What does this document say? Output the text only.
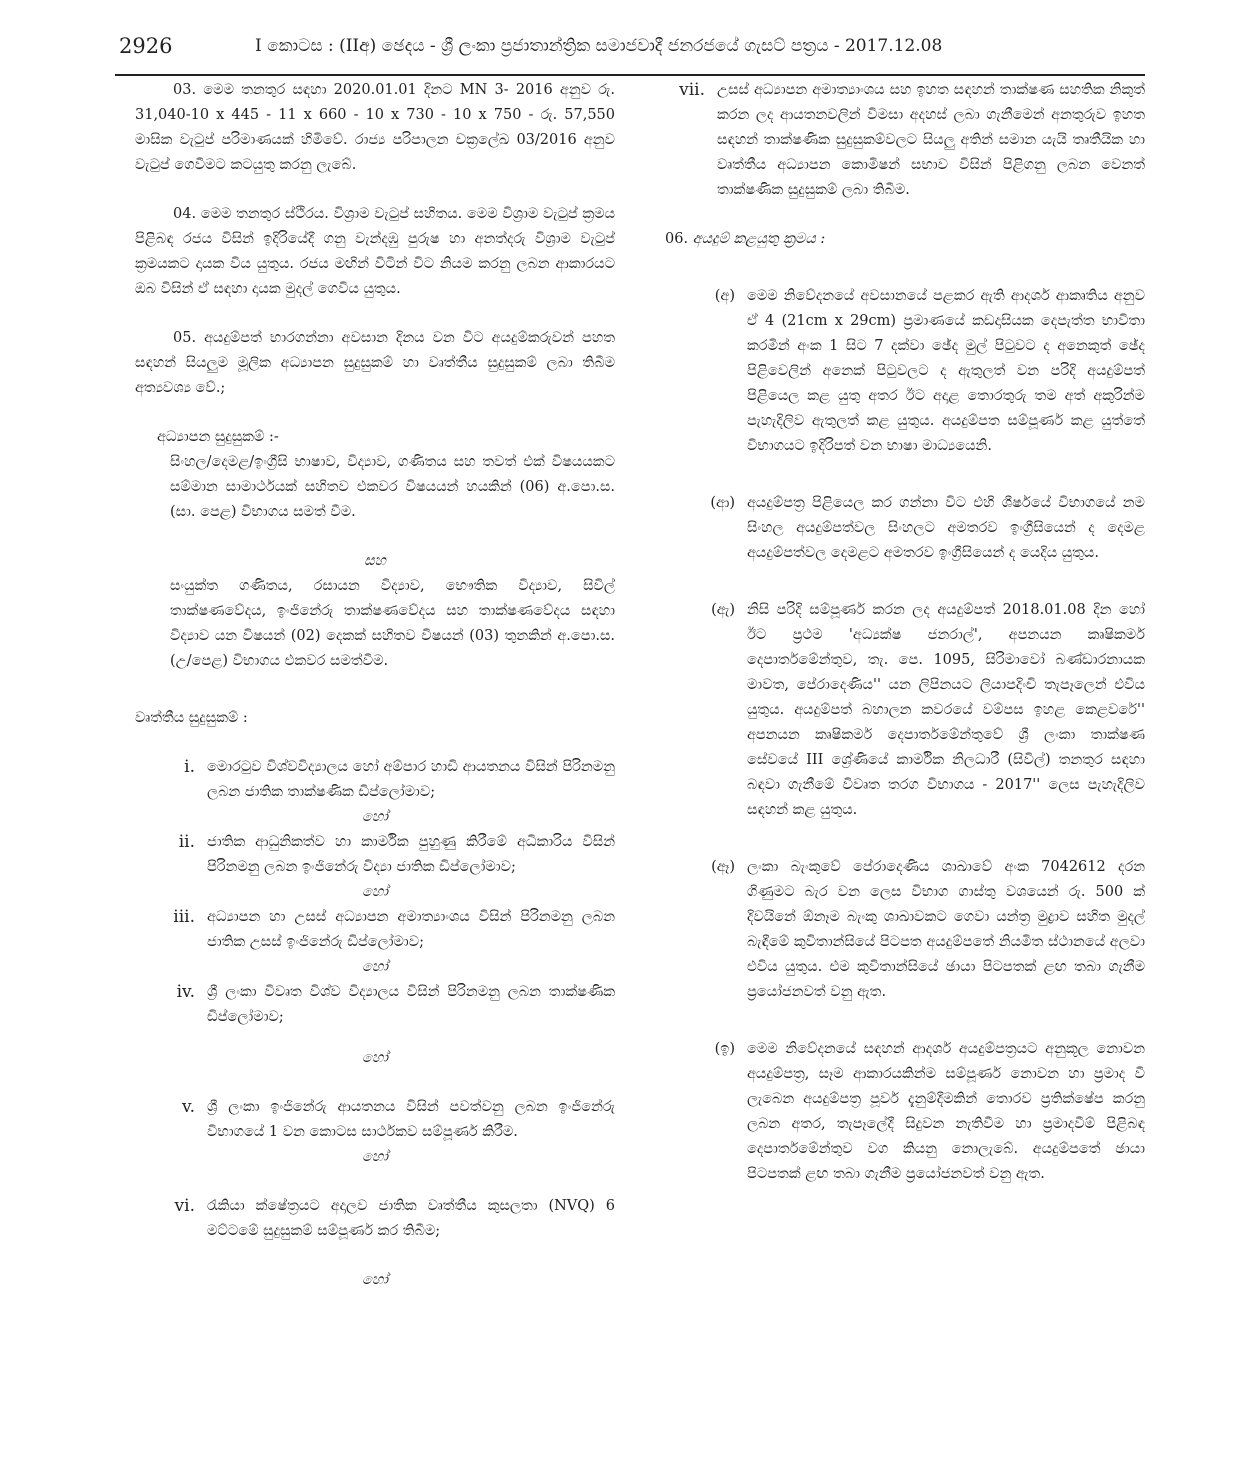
2926	I කොටස : (IIඅ) ඡෙදය - ශ්‍රී ලංකා ප්‍රජාතාන්ත්‍රික සමාජවාදී ජනරජයේ ගැසට් පත්‍රය - 2017.12.08

03. මෙම තනතුර සඳහා 2020.01.01 දිනට MN 3- 2016 අනුව රු. 31,040-10 x 445 - 11 x 660 - 10 x 730 - 10 x 750 - රු. 57,550 මාසික වැටුප් පරිමාණයක් හිමිවේ. රාජ්‍ය පරිපාලන චක්‍රලේඛ 03/2016 අනුව වැටුප් ගෙවීමට කටයුතු කරනු ලැබේ.

04. මෙම තනතුර ස්ථිරය. විශ්‍රාම වැටුප් සහිතය. මෙම විශ්‍රාම වැටුප් ක්‍රමය පිළිබඳ රජය විසින් ඉදිරියේදී ගනු වැන්දඹු පුරුෂ හා අනත්දරු විශ්‍රාම වැටුප් ක්‍රමයකට දායක විය යුතුය. රජය මඟින් විටින් විට නියම කරනු ලබන ආකාරයට ඔබ විසින් ඒ සඳහා දායක මුදල් ගෙවිය යුතුය.

05. අයදුම්පත් භාරගන්නා අවසාන දිනය වන විට අයදුම්කරුවන් පහත සඳහන් සියලුම මූලික අධ්‍යාපන සුදුසුකම් හා වෘත්තීය සුදුසුකම් ලබා තිබීම අත්‍යවශ්‍ය වේ.;

අධ්‍යාපන සුදුසුකම් :-

සිංහල/දෙමළ/ඉංග්‍රීසි භාෂාව, විද්‍යාව, ගණිතය සහ තවත් එක් විෂයයකට සම්මාන සාමාර්ථයක් සහිතව එකවර විෂයයන් හයකින් (06) අ.පො.ස. (සා. පෙළ) විභාගය සමත් වීම.

සහ

සංයුක්ත ගණිතය, රසායන විද්‍යාව, භෞතික විද්‍යාව, සිවිල් තාක්ෂණවේදය, ඉංජිනේරු තාක්ෂණවේදය සහ තාක්ෂණවේදය සඳහා විද්‍යාව යන විෂයන් (02) දෙකක් සහිතව විෂයන් (03) තුනකින් අ.පො.ස. (උ/පෙළ) විභාගය එකවර සමත්වීම.

වෘත්තීය සුදුසුකම් :

i. මොරටුව විශ්වවිද්‍යාලය හෝ අම්පාර හාඩි ආයතනය විසින් පිරිනමනු ලබන ජාතික තාක්ෂණික ඩිප්ලෝමාව;

හෝ

ii. ජාතික ආධුනිකත්ව හා කාර්මික පුහුණු කිරීමේ අධිකාරිය විසින් පිරිනමනු ලබන ඉංජිනේරු විද්‍යා ජාතික ඩිප්ලෝමාව;

හෝ

iii. අධ්‍යාපන හා උසස් අධ්‍යාපන අමාත්‍යාංශය විසින් පිරිනමනු ලබන ජාතික උසස් ඉංජිනේරු ඩිප්ලෝමාව;

හෝ

iv. ශ්‍රී ලංකා විවෘත විශ්ව විද්‍යාලය විසින් පිරිනමනු ලබන තාක්ෂණික ඩිප්ලෝමාව;

හෝ

v. ශ්‍රී ලංකා ඉංජිනේරු ආයතනය විසින් පවත්වනු ලබන ඉංජිනේරු විභාගයේ 1 වන කොටස සාර්ථකව සම්පූර්ණ කිරීම.

හෝ

vi. රැකියා ක්ෂේත්‍රයට අදාලව ජාතික වෘත්තීය කුසලතා (NVQ) 6 මට්ටමේ සුදුසුකම් සම්පූර්ණ කර තිබීම;

හෝ

vii. උසස් අධ්‍යාපන අමාත්‍යාංශය සහ ඉහත සඳහන් තාක්ෂණ සහතික නිකුත් කරන ලද ආයතනවලින් විමසා අදහස් ලබා ගැනීමෙන් අනතුරුව ඉහත සඳහන් තාක්ෂණික සුදුසුකම්වලට සියලු අතින් සමාන යැයි තෘතීයික හා වෘත්තීය අධ්‍යාපන කොමිෂන් සභාව විසින් පිළිගනු ලබන වෙනත් තාක්ෂණික සුදුසුකම් ලබා තිබීම.

06. අයදුම් කළයුතු ක්‍රමය :

(අ) මෙම නිවේදනයේ අවසානයේ පළකර ඇති ආදර්ශ ආකෘතිය අනුව ඒ 4 (21cm x 29cm) ප්‍රමාණයේ කඩදාසියක දෙපැත්ත භාවිතා කරමින් අංක 1 සිට 7 දක්වා ඡේද මුල් පිටුවට ද අනෙකුත් ඡේද පිළිවෙලින් අනෙක් පිටුවලට ද ඇතුලත් වන පරිදි අයදුම්පත් පිළියෙල කළ යුතු අතර ඊට අදාළ තොරතුරු තම අත් අකුරින්ම පැහැදිලිව ඇතුලත් කළ යුතුය. අයදුම්පත සම්පූර්ණ කළ යුත්තේ විභාගයට ඉදිරිපත් වන භාෂා මාධ්‍යයෙනි.

(ආ) අයදුම්පත්‍ර පිළියෙල කර ගන්නා විට එහි ශීර්ෂයේ විභාගයේ නම සිංහල අයදුම්පත්වල සිංහලට අමතරව ඉංග්‍රීසියෙන් ද දෙමළ අයදුම්පත්වල දෙමළට අමතරව ඉංග්‍රීසියෙන් ද යෙදිය යුතුය.

(ඇ) නිසි පරිදි සම්පූර්ණ කරන ලද අයදුම්පත් 2018.01.08 දින හෝ ඊට ප්‍රථම 'අධ්‍යක්ෂ ජනරාල්', අපනයන කෘෂිකර්ම දෙපාර්තමේන්තුව, තැ. පෙ. 1095, සිරිමාවෝ බණ්ඩාරනායක මාවත, පේරාදෙණිය'' යන ලිපිනයට ලියාපදිංචි තැපෑලෙන් එවිය යුතුය. අයදුම්පත් බහාලන කවරයේ වම්පස ඉහළ කෙළවරේ'' අපනයන කෘෂිකර්ම දෙපාර්තමේන්තුවේ ශ්‍රී ලංකා තාක්ෂණ සේවයේ III ශ්‍රේණියේ කාර්මික නිලධාරී (සිවිල්) තනතුර සඳහා බඳවා ගැනීමේ විවෘත තරග විභාගය - 2017'' ලෙස පැහැදිලිව සඳහන් කළ යුතුය.

(ඈ) ලංකා බැංකුවේ පේරාදෙණිය ශාඛාවේ අංක 7042612 දරන ගිණුමට බැර වන ලෙස විභාග ගාස්තු වශයෙන් රු. 500 ක් දිවයිනේ ඕනෑම බැංකු ශාඛාවකට ගෙවා යන්ත්‍ර මුද්‍රාව සහිත මුදල් බැඳීමේ කුවිතාන්සියේ පිටපත අයදුම්පතේ නියමිත ස්ථානයේ අලවා එවිය යුතුය. එම කුවිතාන්සියේ ඡායා පිටපතක් ළඟ තබා ගැනීම ප්‍රයෝජනවත් වනු ඇත.

(ඉ) මෙම නිවේදනයේ සඳහන් ආදර්ශ අයදුම්පත්‍රයට අනුකූල නොවන අයදුම්පත්‍ර, සෑම ආකාරයකින්ම සම්පූර්ණ නොවන හා ප්‍රමාද වී ලැබෙන අයදුම්පත්‍ර පූර්ව දැනුම්දීමකින් තොරව ප්‍රතික්ෂේප කරනු ලබන අතර, තැපෑලේදී සිදුවන නැතිවීම හා ප්‍රමාදවීම් පිළිබඳ දෙපාර්තමේන්තුව වග කියනු නොලැබේ. අයදුම්පතේ ඡායා පිටපතක් ළඟ තබා ගැනීම ප්‍රයෝජනවත් වනු ඇත.
